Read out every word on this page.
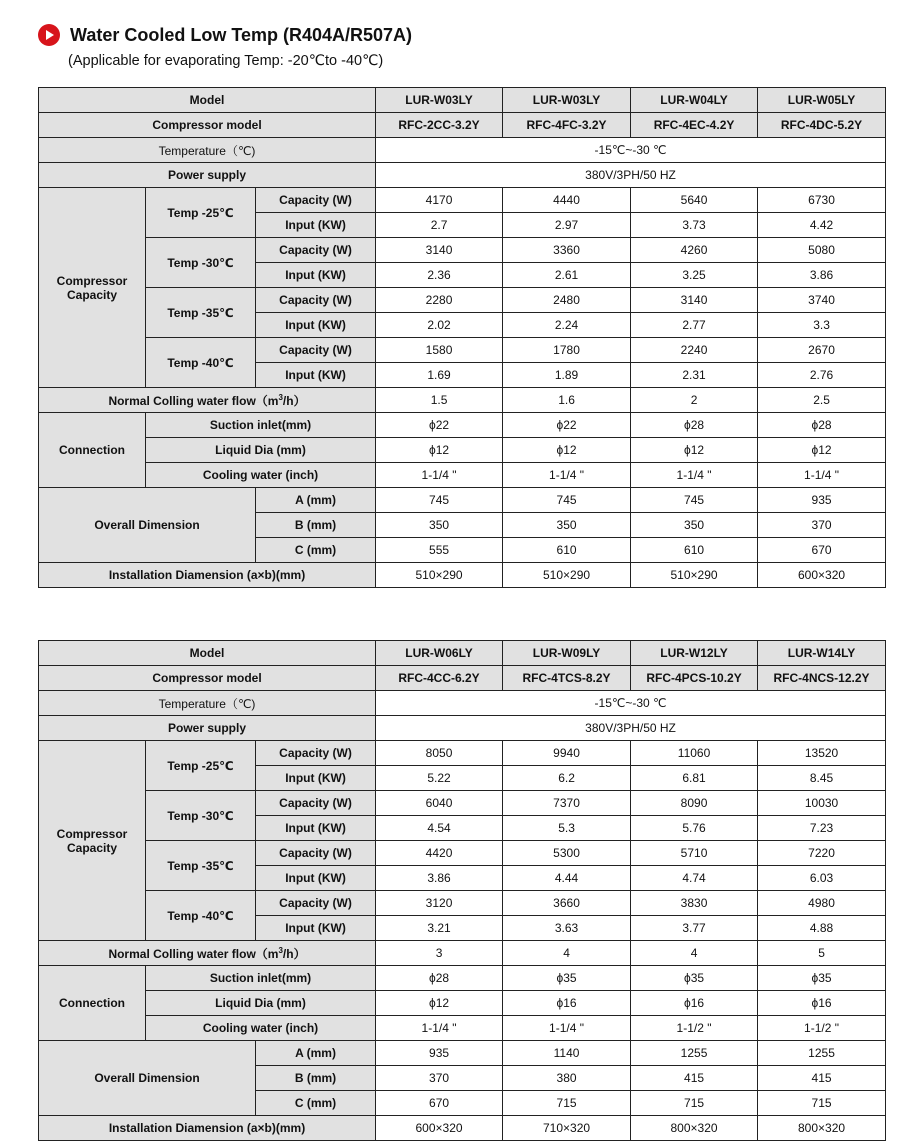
Water Cooled Low Temp (R404A/R507A)
(Applicable for evaporating Temp: -20℃to -40℃)
Model			LUR-W03LY	LUR-W03LY	LUR-W04LY	LUR-W05LY
Compressor model			RFC-2CC-3.2Y	RFC-4FC-3.2Y	RFC-4EC-4.2Y	RFC-4DC-5.2Y
Temperature（℃)			-15℃~-30 ℃			
Power supply			380V/3PH/50 HZ			
Compressor
Capacity	Temp -25℃	Capacity (W)	4170	4440	5640	6730
		Input (KW)	2.7	2.97	3.73	4.42
	Temp -30℃	Capacity (W)	3140	3360	4260	5080
		Input (KW)	2.36	2.61	3.25	3.86
	Temp -35℃	Capacity (W)	2280	2480	3140	3740
		Input (KW)	2.02	2.24	2.77	3.3
	Temp -40℃	Capacity (W)	1580	1780	2240	2670
		Input (KW)	1.69	1.89	2.31	2.76
Normal Colling water $flow(m^3/h)$			1.5	1.6	2	2.5
Connection	Suction inlet(mm)		ϕ22	ϕ22	ϕ28	ϕ28
	Liquid Dia (mm)		ϕ12	ϕ12	ϕ12	ϕ12
	Cooling water (inch)		1-1/4 "	1-1/4 "	1-1/4 "	1-1/4 "
Overall Dimension		A (mm)	745	745	745	935
		B (mm)	350	350	350	370
		C (mm)	555	610	610	670
Installation Diamension (a×b)(mm)			510×290	510×290	510×290	600×320
Model			LUR-W06LY	LUR-W09LY	LUR-W12LY	LUR-W14LY
Compressor model			RFC-4CC-6.2Y	RFC-4TCS-8.2Y	RFC-4PCS-10.2Y	RFC-4NCS-12.2Y
Temperature（℃)			-15℃~-30 ℃			
Power supply			380V/3PH/50 HZ			
Compressor
Capacity	Temp -25℃	Capacity (W)	8050	9940	11060	13520
		Input (KW)	5.22	6.2	6.81	8.45
	Temp -30℃	Capacity (W)	6040	7370	8090	10030
		Input (KW)	4.54	5.3	5.76	7.23
	Temp -35℃	Capacity (W)	4420	5300	5710	7220
		Input (KW)	3.86	4.44	4.74	6.03
	Temp -40℃	Capacity (W)	3120	3660	3830	4980
		Input (KW)	3.21	3.63	3.77	4.88
Normal Colling water $flow(m^3/h)$			3	4	4	5
Connection	Suction inlet(mm)		ϕ28	ϕ35	ϕ35	ϕ35
	Liquid Dia (mm)		ϕ12	ϕ16	ϕ16	ϕ16
	Cooling water (inch)		1-1/4 "	1-1/4 "	1-1/2 "	1-1/2 "
Overall Dimension		A (mm)	935	1140	1255	1255
		B (mm)	370	380	415	415
		C (mm)	670	715	715	715
Installation Diamension (a×b)(mm)			600×320	710×320	800×320	800×320
